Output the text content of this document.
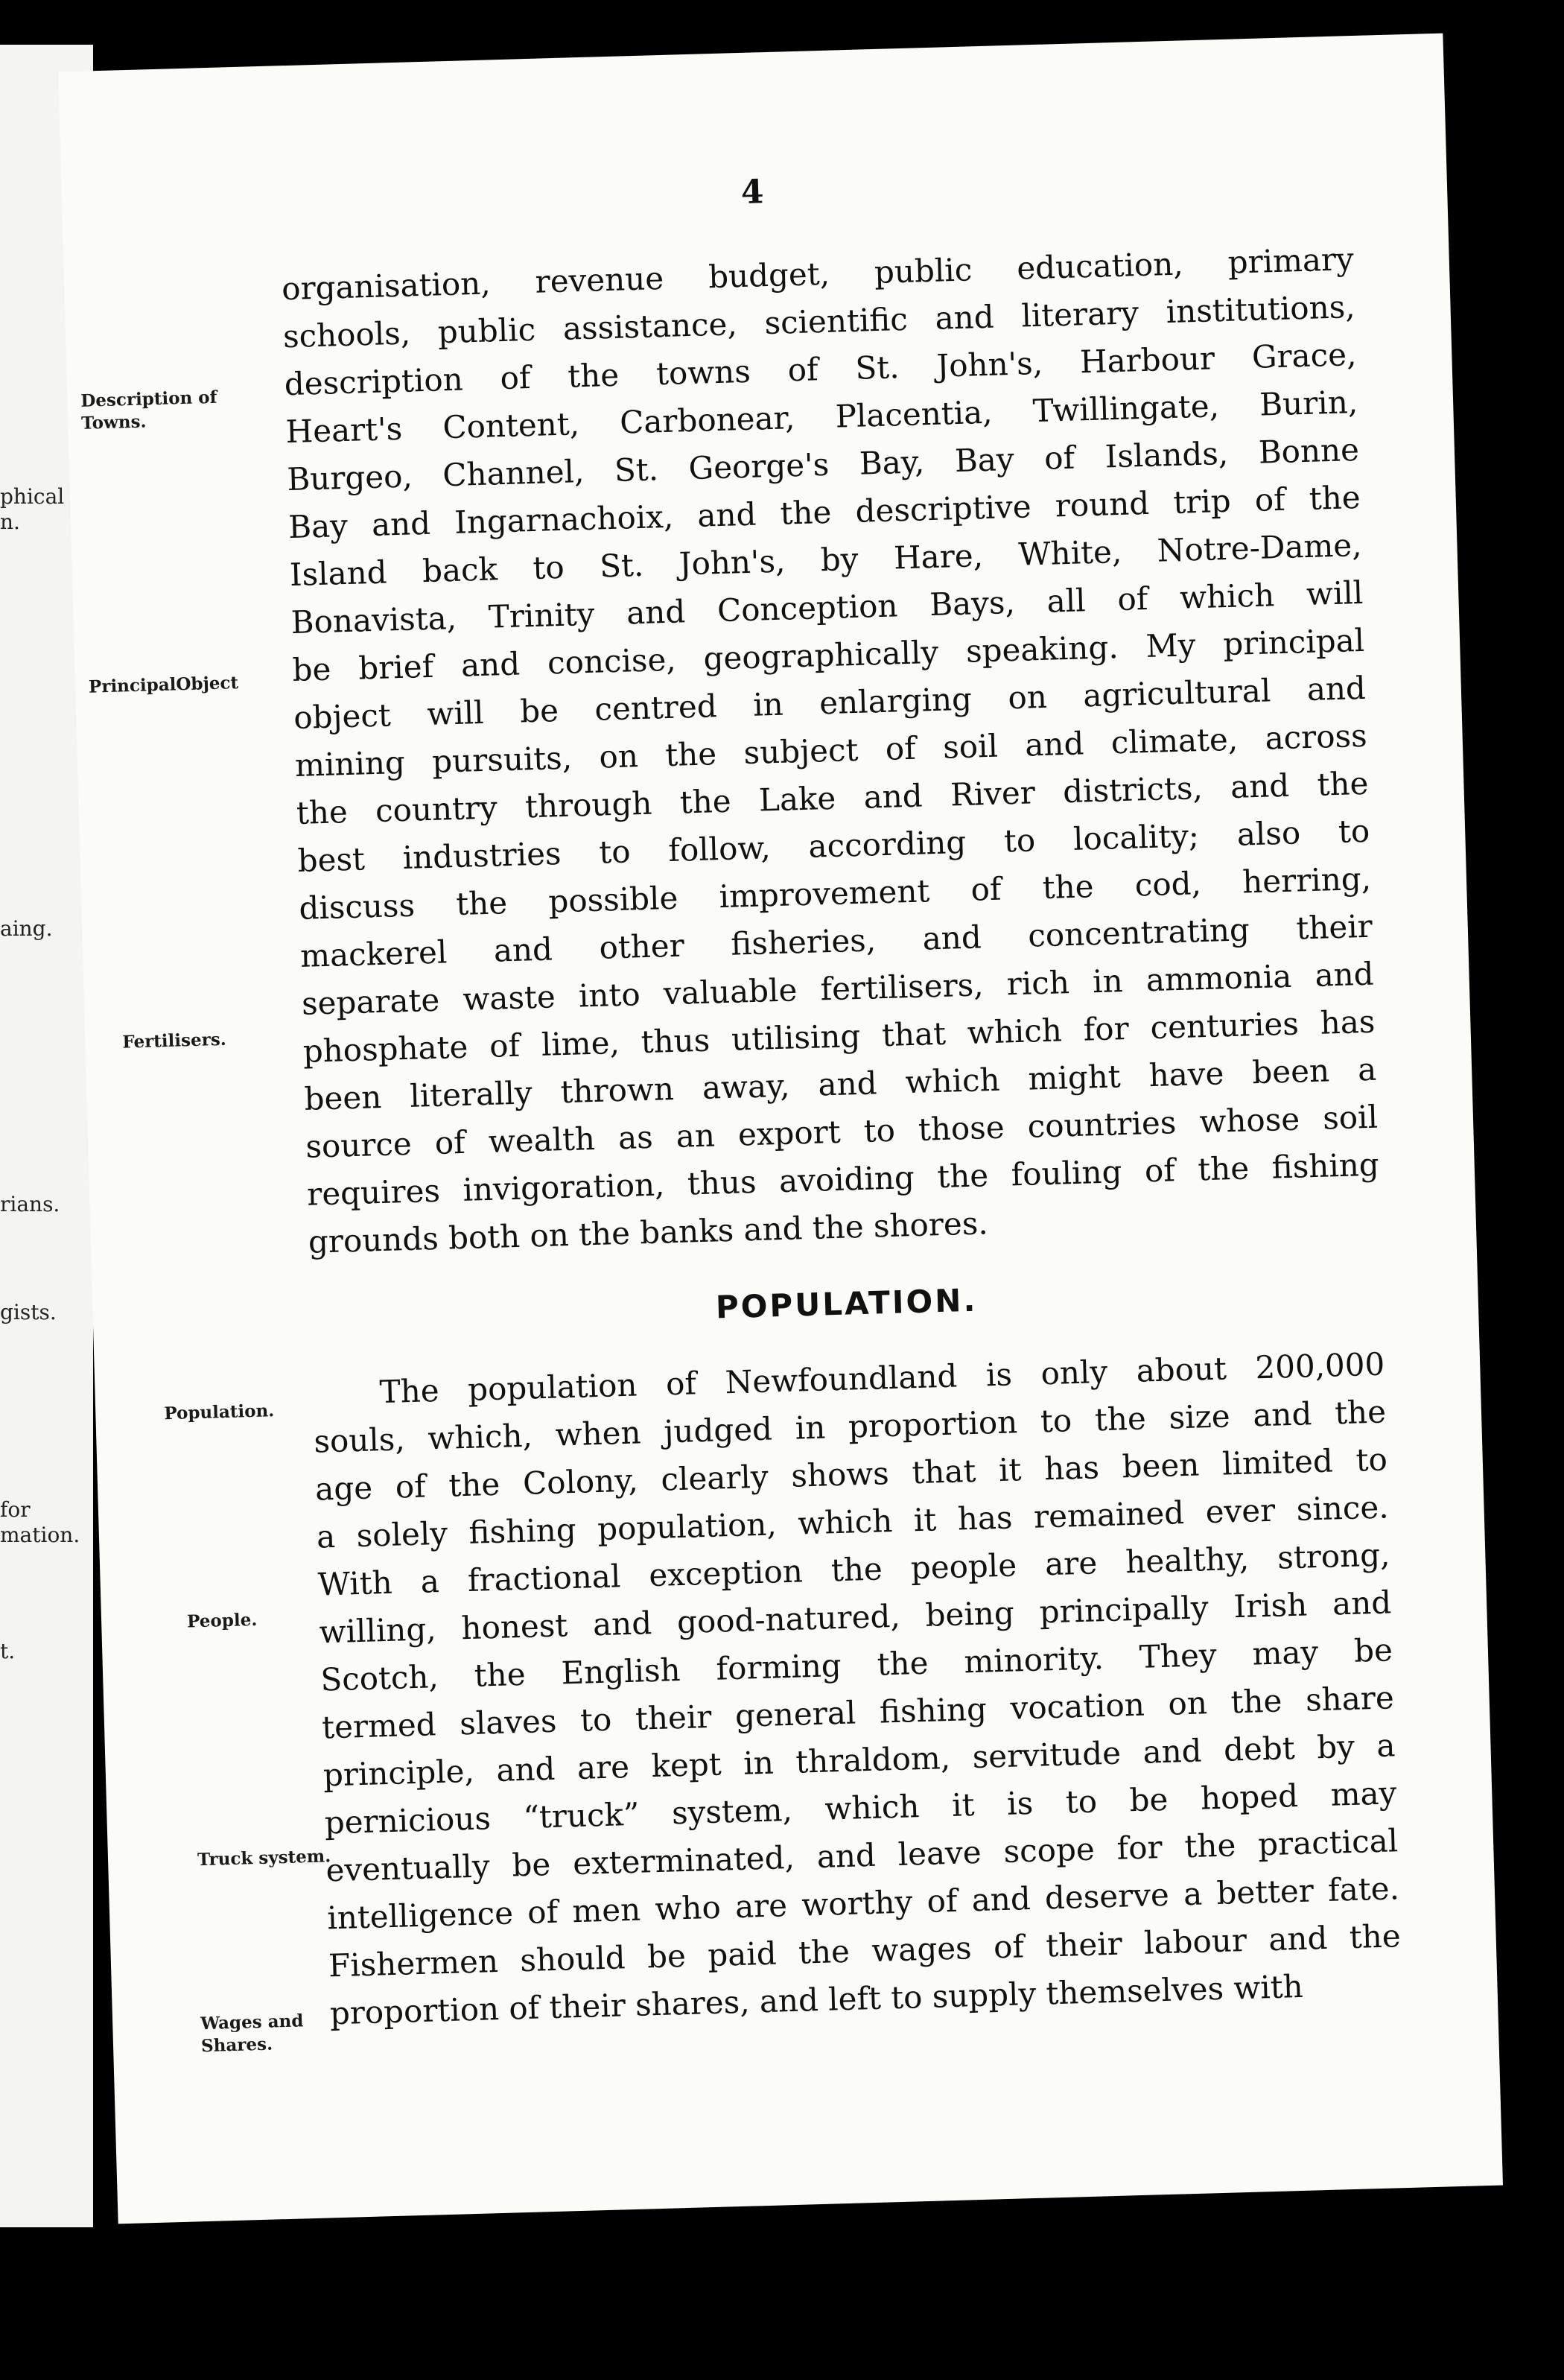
phical
n.
aing.
rians.
gists.
for
mation.
t.
4
Description of Towns.
PrincipalObject
Fertilisers.
Population.
People.
Truck system.
Wages and Shares.
organisation, revenue budget, public education, primary
schools, public assistance, scientific and literary institutions,
description of the towns of St. John's, Harbour Grace,
Heart's Content, Carbonear, Placentia, Twillingate, Burin,
Burgeo, Channel, St. George's Bay, Bay of Islands, Bonne
Bay and Ingarnachoix, and the descriptive round trip of the
Island back to St. John's, by Hare, White, Notre-Dame,
Bonavista, Trinity and Conception Bays, all of which will
be brief and concise, geographically speaking. My principal
object will be centred in enlarging on agricultural and
mining pursuits, on the subject of soil and climate, across
the country through the Lake and River districts, and the
best industries to follow, according to locality; also to
discuss the possible improvement of the cod, herring,
mackerel and other fisheries, and concentrating their
separate waste into valuable fertilisers, rich in ammonia and
phosphate of lime, thus utilising that which for centuries has
been literally thrown away, and which might have been a
source of wealth as an export to those countries whose soil
requires invigoration, thus avoiding the fouling of the fishing
grounds both on the banks and the shores.
POPULATION.
The population of Newfoundland is only about 200,000
souls, which, when judged in proportion to the size and the
age of the Colony, clearly shows that it has been limited to
a solely fishing population, which it has remained ever since.
With a fractional exception the people are healthy, strong,
willing, honest and good-natured, being principally Irish and
Scotch, the English forming the minority. They may be
termed slaves to their general fishing vocation on the share
principle, and are kept in thraldom, servitude and debt by a
pernicious “truck” system, which it is to be hoped may
eventually be exterminated, and leave scope for the practical
intelligence of men who are worthy of and deserve a better fate.
Fishermen should be paid the wages of their labour and the
proportion of their shares, and left to supply themselves with
